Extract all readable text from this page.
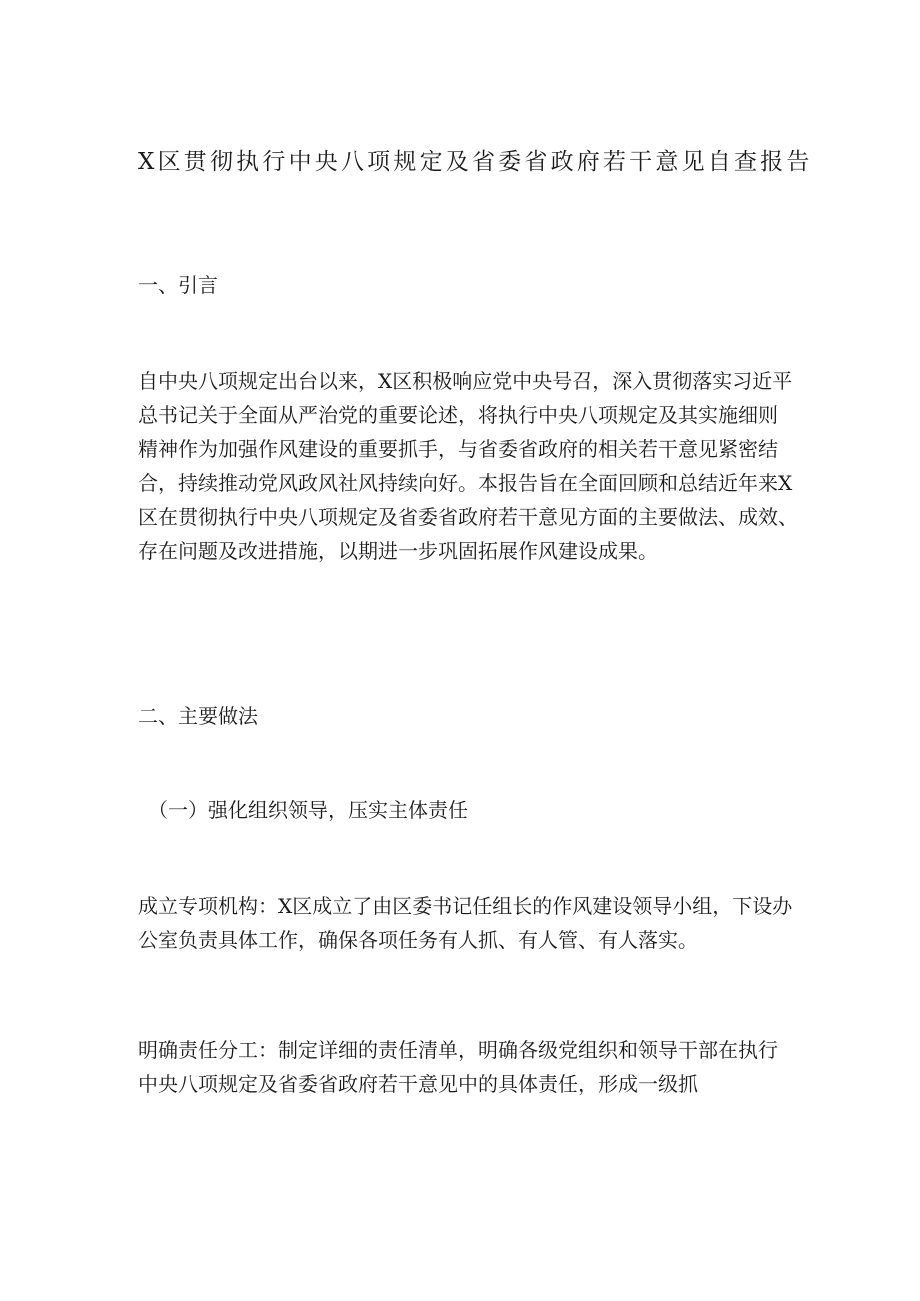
X区贯彻执行中央八项规定及省委省政府若干意见自查报告
一、引言
自中央八项规定出台以来，X区积极响应党中央号召，深入贯彻落实习近平
总书记关于全面从严治党的重要论述，将执行中央八项规定及其实施细则
精神作为加强作风建设的重要抓手，与省委省政府的相关若干意见紧密结
合，持续推动党风政风社风持续向好。本报告旨在全面回顾和总结近年来X
区在贯彻执行中央八项规定及省委省政府若干意见方面的主要做法、成效、
存在问题及改进措施，以期进一步巩固拓展作风建设成果。
二、主要做法
（一）强化组织领导，压实主体责任
成立专项机构：X区成立了由区委书记任组长的作风建设领导小组，下设办
公室负责具体工作，确保各项任务有人抓、有人管、有人落实。
明确责任分工：制定详细的责任清单，明确各级党组织和领导干部在执行
中央八项规定及省委省政府若干意见中的具体责任，形成一级抓
